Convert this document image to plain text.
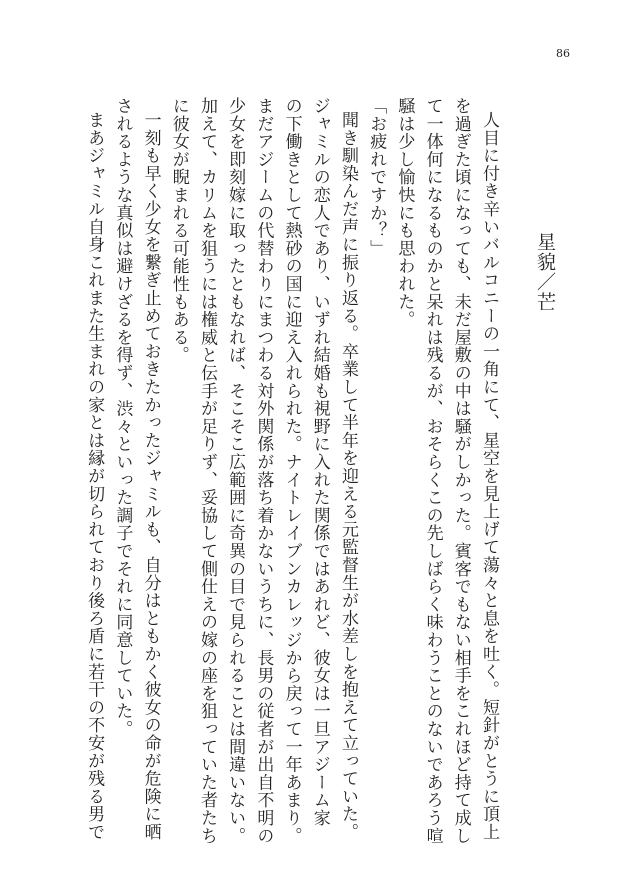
86
星貌／芒
人目に付き辛いバルコニーの一角にて、星空を見上げて蕩々と息を吐く。短針がとうに頂上
を過ぎた頃になっても、未だ屋敷の中は騒がしかった。賓客でもない相手をこれほど持て成し
て一体何になるものかと呆れは残るが、おそらくこの先しばらく味わうことのないであろう喧
騒は少し愉快にも思われた。
「お疲れですか？」
聞き馴染んだ声に振り返る。卒業して半年を迎える元監督生が水差しを抱えて立っていた。
ジャミルの恋人であり、いずれ結婚も視野に入れた関係ではあれど、彼女は一旦アジーム家
の下働きとして熱砂の国に迎え入れられた。ナイトレイブンカレッジから戻って一年あまり。
まだアジームの代替わりにまつわる対外関係が落ち着かないうちに、長男の従者が出自不明の
少女を即刻嫁に取ったともなれば、そこそこ広範囲に奇異の目で見られることは間違いない。
加えて、カリムを狙うには権威と伝手が足りず、妥協して側仕えの嫁の座を狙っていた者たち
に彼女が睨まれる可能性もある。
一刻も早く少女を繋ぎ止めておきたかったジャミルも、自分はともかく彼女の命が危険に晒
されるような真似は避けざるを得ず、渋々といった調子でそれに同意していた。
まあジャミル自身これまた生まれの家とは縁が切られており後ろ盾に若干の不安が残る男で
